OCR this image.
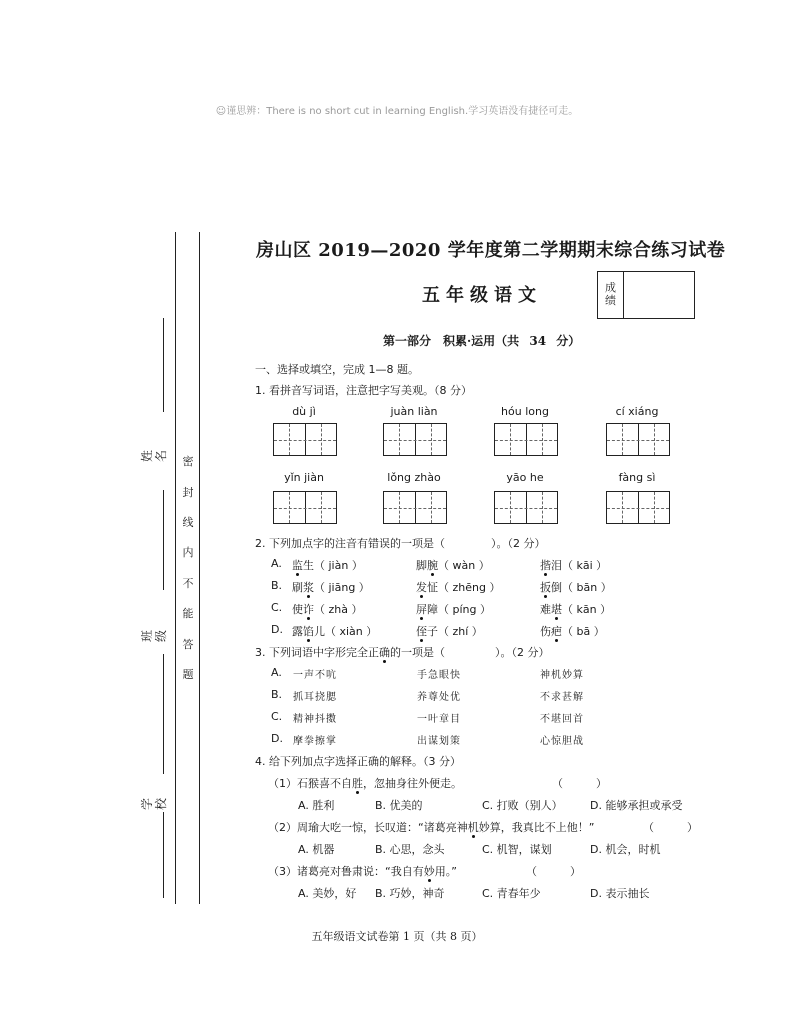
☺谨思辨：There is no short cut in learning English.学习英语没有捷径可走。
姓名
班级
学校
密
封
线
内
不
能
答
题
房山区 2019—2020 学年度第二学期期末综合练习试卷
五年级语文	成
绩
第一部分　积累·运用（共 34 分）
一、选择或填空，完成 1—8 题。
1. 看拼音写词语，注意把字写美观。（8 分）
dù jì	juàn liàn	hóu long	cí xiáng
yǐn jiàn	lǒng zhào	yāo he	fàng sì
2. 下列加点字的注音有错误的一项是（	）。（2 分）
A. 监生（ jiàn ）	脚腕（ wàn ）	揩泪（ kāi ）
B. 刷浆（ jiāng ）	发怔（ zhēng ）	扳倒（ bān ）
C. 使诈（ zhà ）	屏障（ píng ）	难堪（ kān ）
D. 露馅儿（ xiàn ）	侄子（ zhí ）	伤疤（ bā ）
3. 下列词语中字形完全正确的一项是（	）。（2 分）
A. 一声不吭	手急眼快	神机妙算
B. 抓耳挠腮	养尊处优	不求甚解
C. 精神抖擞	一叶章目	不堪回首
D. 摩拳擦掌	出谋划策	心惊胆战
4. 给下列加点字选择正确的解释。（3 分）
（1）石猴喜不自胜，忽抽身往外便走。	（　　　）
A. 胜利	B. 优美的	C. 打败（别人） D. 能够承担或承受
（2）周瑜大吃一惊，长叹道：“诸葛亮神机妙算，我真比不上他！”	（　　　）
A. 机器	B. 心思，念头	C. 机智，谋划	D. 机会，时机
（3）诸葛亮对鲁肃说：“我自有妙用。”	（　　　）
A. 美妙，好 B. 巧妙，神奇	C. 青春年少	D. 表示抽长
五年级语文试卷第 1 页（共 8 页）
